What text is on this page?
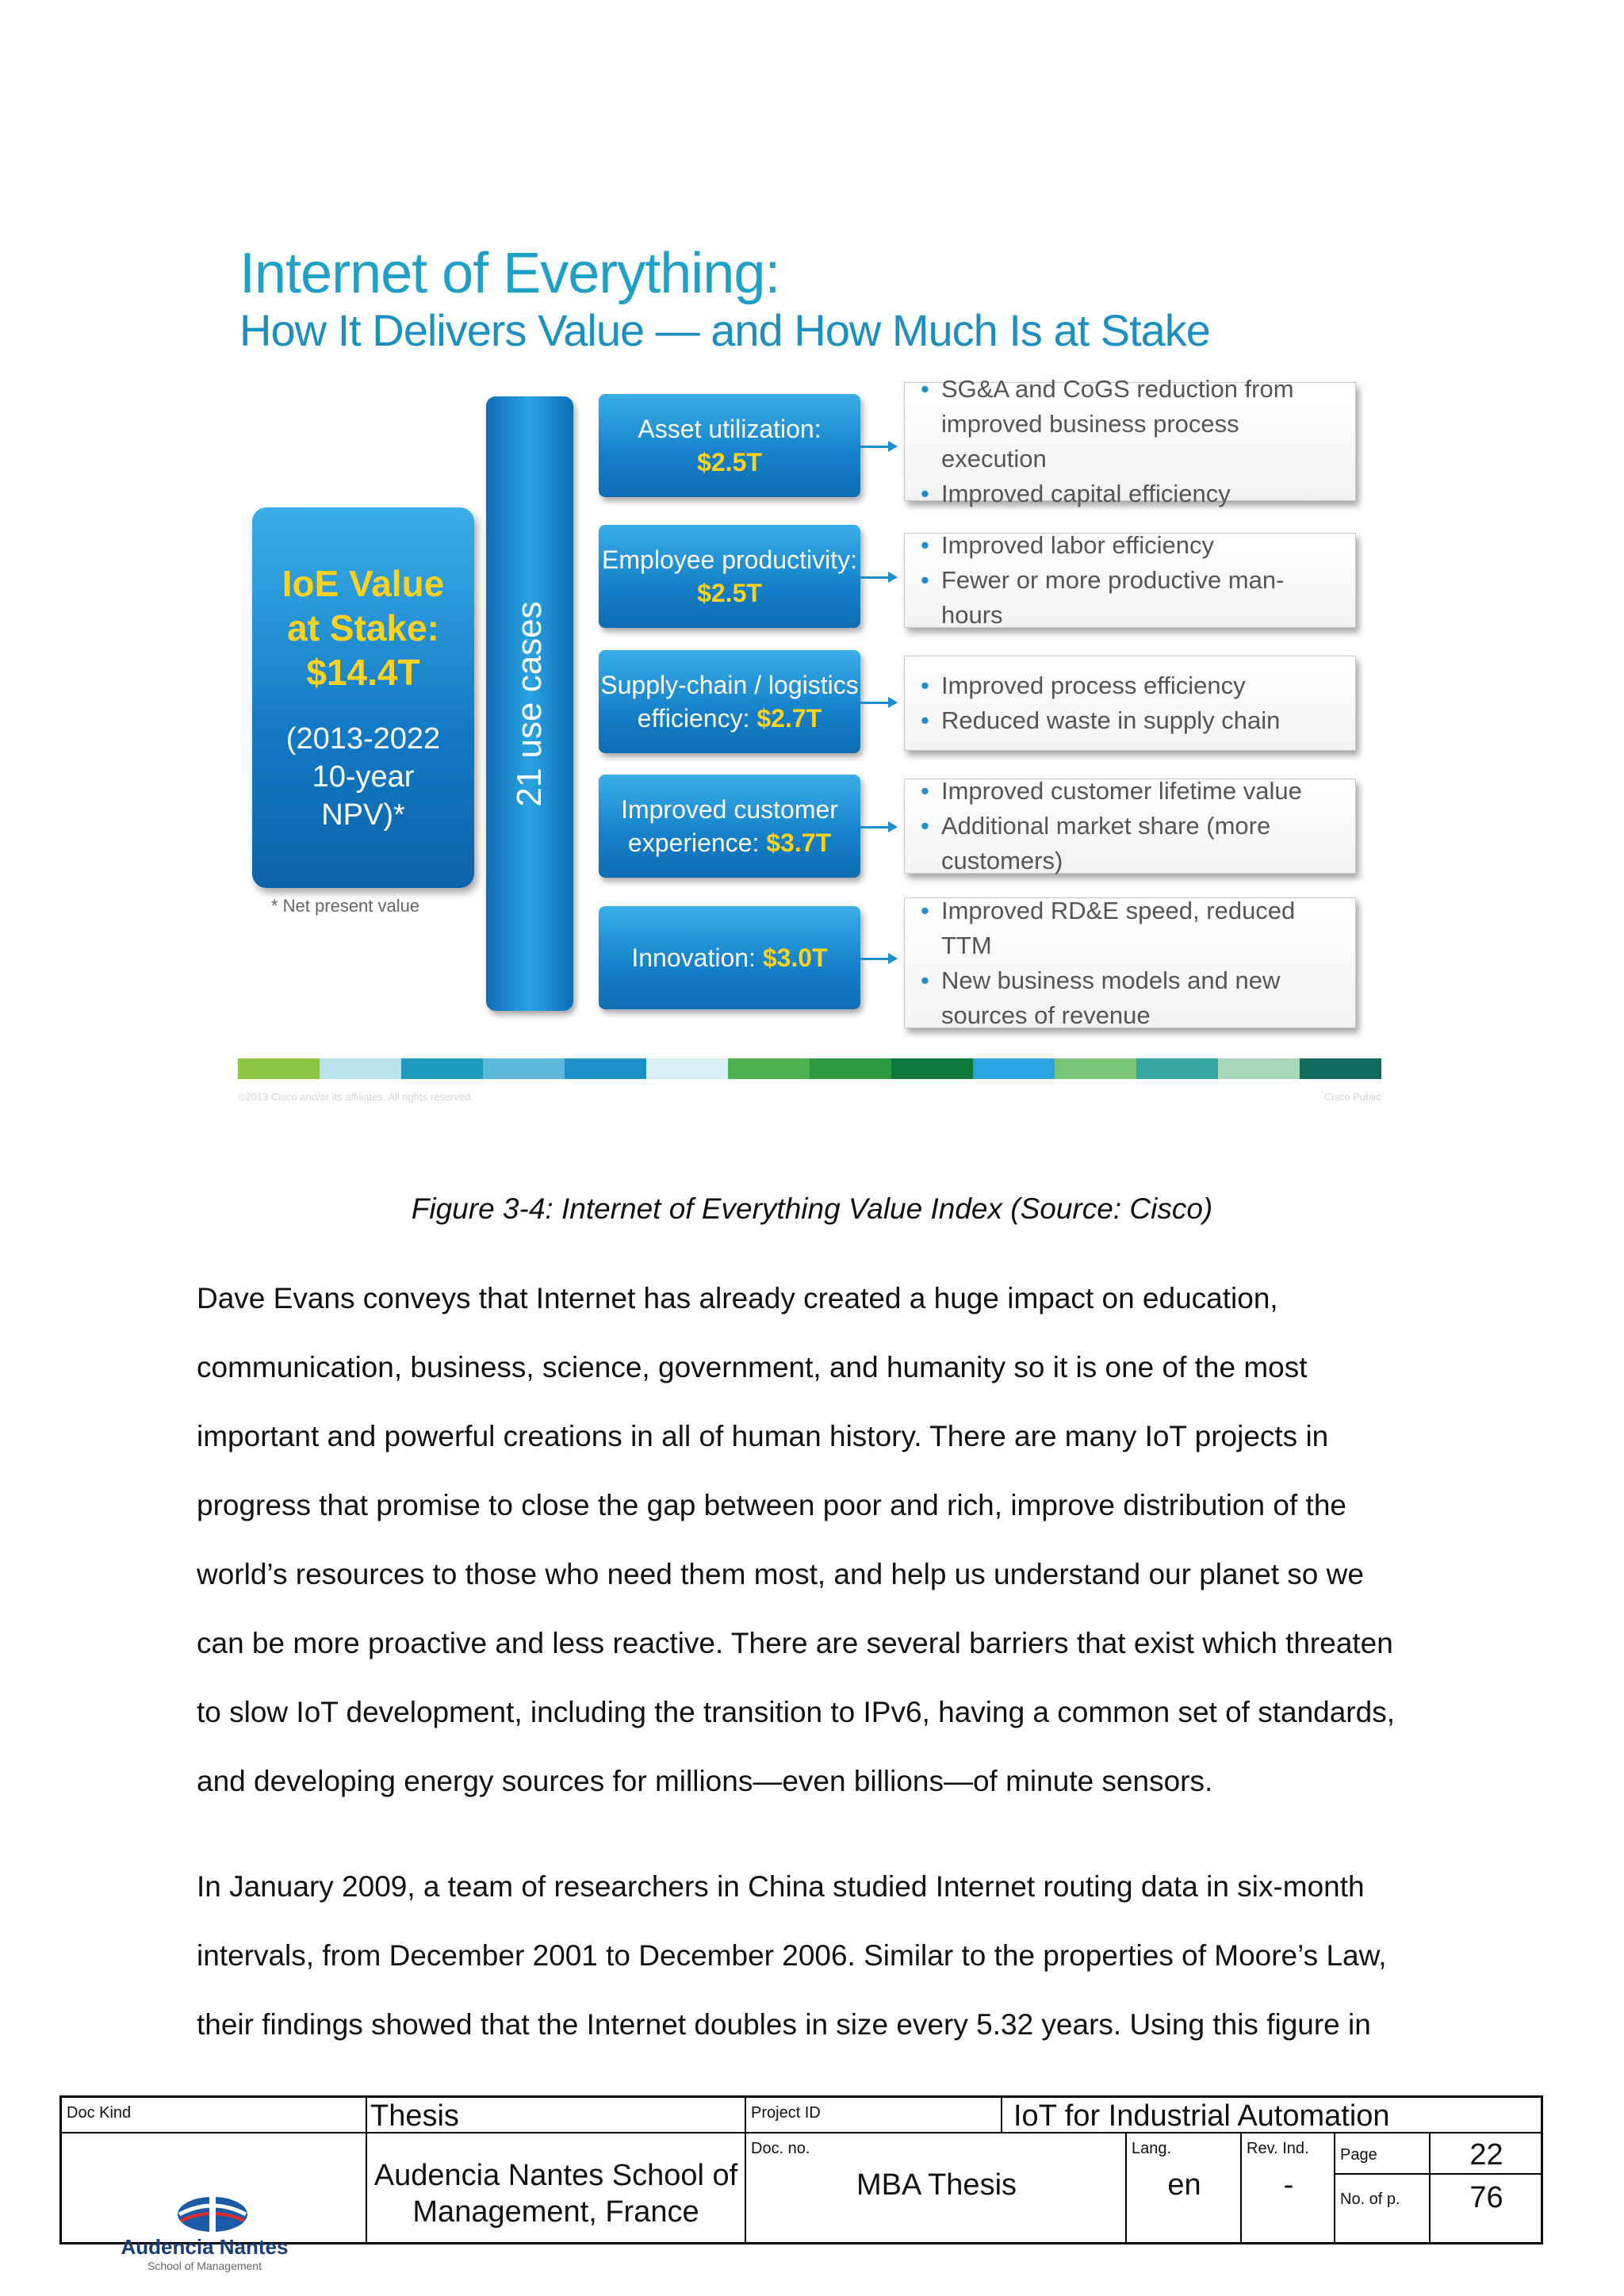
Internet of Everything:
How It Delivers Value — and How Much Is at Stake
IoE Value
at Stake:
$14.4T
(2013-2022
10-year
NPV)*
* Net present value
21 use cases
Asset utilization:
$2.5T
• SG&A and CoGS reduction from improved business process execution
• Improved capital efficiency
Employee productivity:
$2.5T
• Improved labor efficiency
• Fewer or more productive man-hours
Supply-chain / logistics
efficiency: $2.7T
• Improved process efficiency
• Reduced waste in supply chain
Improved customer
experience: $3.7T
• Improved customer lifetime value
• Additional market share (more customers)
Innovation:
$3.0T
• Improved RD&E speed, reduced TTM
• New business models and new sources of revenue
©2013 Cisco and/or its affiliates. All rights reserved.	Cisco Public
Figure 3-4: Internet of Everything Value Index (Source: Cisco)

Dave Evans conveys that Internet has already created a huge impact on education,
communication, business, science, government, and humanity so it is one of the most
important and powerful creations in all of human history. There are many IoT projects in
progress that promise to close the gap between poor and rich, improve distribution of the
world’s resources to those who need them most, and help us understand our planet so we
can be more proactive and less reactive. There are several barriers that exist which threaten
to slow IoT development, including the transition to IPv6, having a common set of standards,
and developing energy sources for millions—even billions—of minute sensors.

In January 2009, a team of researchers in China studied Internet routing data in six-month
intervals, from December 2001 to December 2006. Similar to the properties of Moore’s Law,
their findings showed that the Internet doubles in size every 5.32 years. Using this figure in

Doc Kind	Thesis	Project ID	IoT for Industrial Automation
Audencia Nantes
School of Management
Audencia Nantes School of
Management, France
Doc. no.
MBA Thesis
Lang.
en
Rev. Ind.
-
Page	22
No. of p.	76
